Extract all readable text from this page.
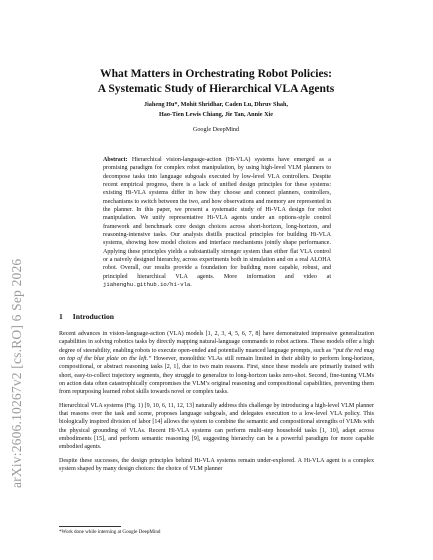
arXiv:2606.10267v2 [cs.RO] 6 Sep 2026
What Matters in Orchestrating Robot Policies:
A Systematic Study of Hierarchical VLA Agents
Jiaheng Hu*, Mohit Shridhar, Caden Lu, Dhruv Shah,
Hao-Tien Lewis Chiang, Jie Tan, Annie Xie
Google DeepMind
Abstract: Hierarchical vision-language-action (Hi-VLA) systems have emerged as a promising paradigm for complex robot manipulation, by using high-level VLM planners to decompose tasks into language subgoals executed by low-level VLA controllers. Despite recent empirical progress, there is a lack of unified design principles for these systems: existing Hi-VLA systems differ in how they choose and connect planners, controllers, mechanisms to switch between the two, and how observations and memory are represented in the planner. In this paper, we present a systematic study of Hi-VLA design for robot manipulation. We unify representative Hi-VLA agents under an options-style control framework and benchmark core design choices across short-horizon, long-horizon, and reasoning-intensive tasks. Our analysis distills practical principles for building Hi-VLA systems, showing how model choices and interface mechanisms jointly shape performance. Applying these principles yields a substantially stronger system than either flat VLA control or a naively designed hierarchy, across experiments both in simulation and on a real ALOHA robot. Overall, our results provide a foundation for building more capable, robust, and principled hierarchical VLA agents. More information and video at jiahenghu.github.io/hi-vla.
1 Introduction

Recent advances in vision-language-action (VLA) models [1, 2, 3, 4, 5, 6, 7, 8] have demonstrated impressive generalization capabilities in solving robotics tasks by directly mapping natural-language commands to robot actions. These models offer a high degree of steerability, enabling robots to execute open-ended and potentially nuanced language prompts, such as “put the red mug on top of the blue plate on the left.” However, monolithic VLAs still remain limited in their ability to perform long-horizon, compositional, or abstract reasoning tasks [2, 1], due to two main reasons. First, since these models are primarily trained with short, easy-to-collect trajectory segments, they struggle to generalize to long-horizon tasks zero-shot. Second, fine-tuning VLMs on action data often catastrophically compromises the VLM’s original reasoning and compositional capabilities, preventing them from repurposing learned robot skills towards novel or complex tasks.

Hierarchical VLA systems (Fig. 1) [9, 10, 6, 11, 12, 13] naturally address this challenge by introducing a high-level VLM planner that reasons over the task and scene, proposes language subgoals, and delegates execution to a low-level VLA policy. This biologically inspired division of labor [14] allows the system to combine the semantic and compositional strengths of VLMs with the physical grounding of VLAs. Recent Hi-VLA systems can perform multi-step household tasks [1, 10], adapt across embodiments [15], and perform semantic reasoning [9], suggesting hierarchy can be a powerful paradigm for more capable embodied agents.

Despite these successes, the design principles behind Hi-VLA systems remain under-explored. A Hi-VLA agent is a complex system shaped by many design choices: the choice of VLM planner

*Work done while interning at Google DeepMind
